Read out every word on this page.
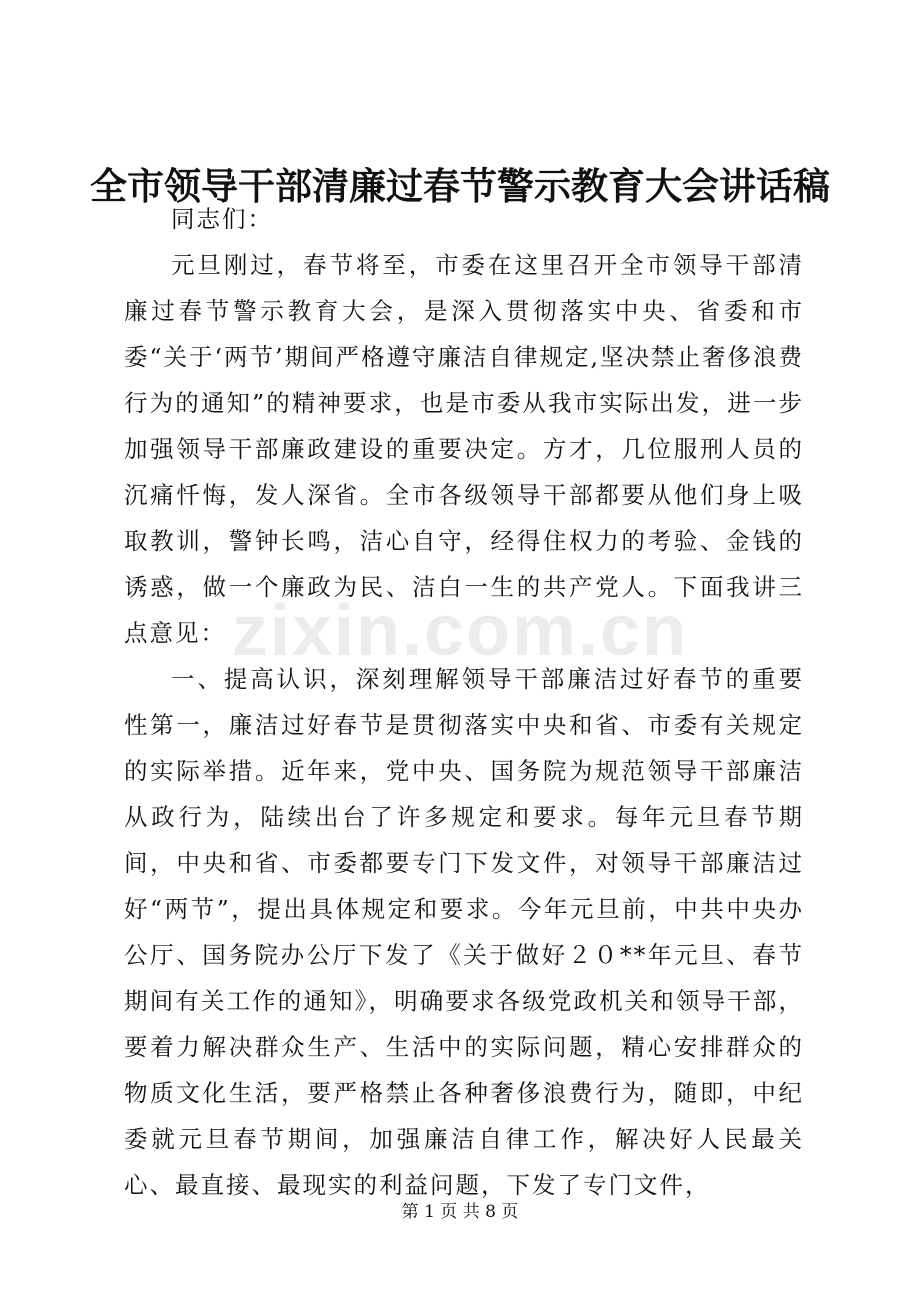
全市领导干部清廉过春节警示教育大会讲话稿

同志们：

元旦刚过，春节将至，市委在这里召开全市领导干部清廉过春节警示教育大会，是深入贯彻落实中央、省委和市委“关于‘两节’期间严格遵守廉洁自律规定,坚决禁止奢侈浪费行为的通知”的精神要求，也是市委从我市实际出发，进一步加强领导干部廉政建设的重要决定。方才，几位服刑人员的沉痛忏悔，发人深省。全市各级领导干部都要从他们身上吸取教训，警钟长鸣，洁心自守，经得住权力的考验、金钱的诱惑，做一个廉政为民、洁白一生的共产党人。下面我讲三点意见：

一、提高认识，深刻理解领导干部廉洁过好春节的重要性第一，廉洁过好春节是贯彻落实中央和省、市委有关规定的实际举措。近年来，党中央、国务院为规范领导干部廉洁从政行为，陆续出台了许多规定和要求。每年元旦春节期间，中央和省、市委都要专门下发文件，对领导干部廉洁过好“两节”，提出具体规定和要求。今年元旦前，中共中央办公厅、国务院办公厅下发了《关于做好２０**年元旦、春节期间有关工作的通知》，明确要求各级党政机关和领导干部，要着力解决群众生产、生活中的实际问题，精心安排群众的物质文化生活，要严格禁止各种奢侈浪费行为，随即，中纪委就元旦春节期间，加强廉洁自律工作，解决好人民最关心、最直接、最现实的利益问题，下发了专门文件，

zixin.com.cn
第 1 页 共 8 页
